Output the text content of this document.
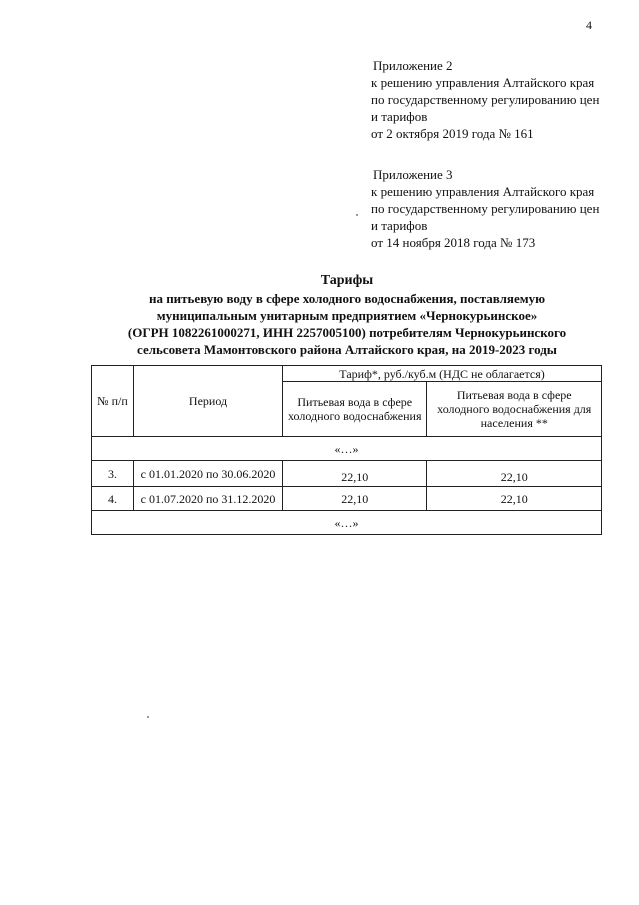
4
Приложение 2
к решению управления Алтайского края
по государственному регулированию цен
и тарифов
от 2 октября 2019 года № 161
Приложение 3
к решению управления Алтайского края
по государственному регулированию цен
и тарифов
от 14 ноября 2018 года № 173
Тарифы
на питьевую воду в сфере холодного водоснабжения, поставляемую
муниципальным унитарным предприятием «Чернокурьинское»
(ОГРН 1082261000271, ИНН 2257005100) потребителям Чернокурьинского
сельсовета Мамонтовского района Алтайского края, на 2019-2023 годы
№ п/п	Период	Тариф*, руб./куб.м (НДС не облагается)	
		Питьевая вода в сфере холодного водоснабжения	Питьевая вода в сфере холодного водоснабжения для населения **
«…»			
3.	с 01.01.2020 по 30.06.2020	22,10	22,10
4.	с 01.07.2020 по 31.12.2020	22,10	22,10
«…»			
